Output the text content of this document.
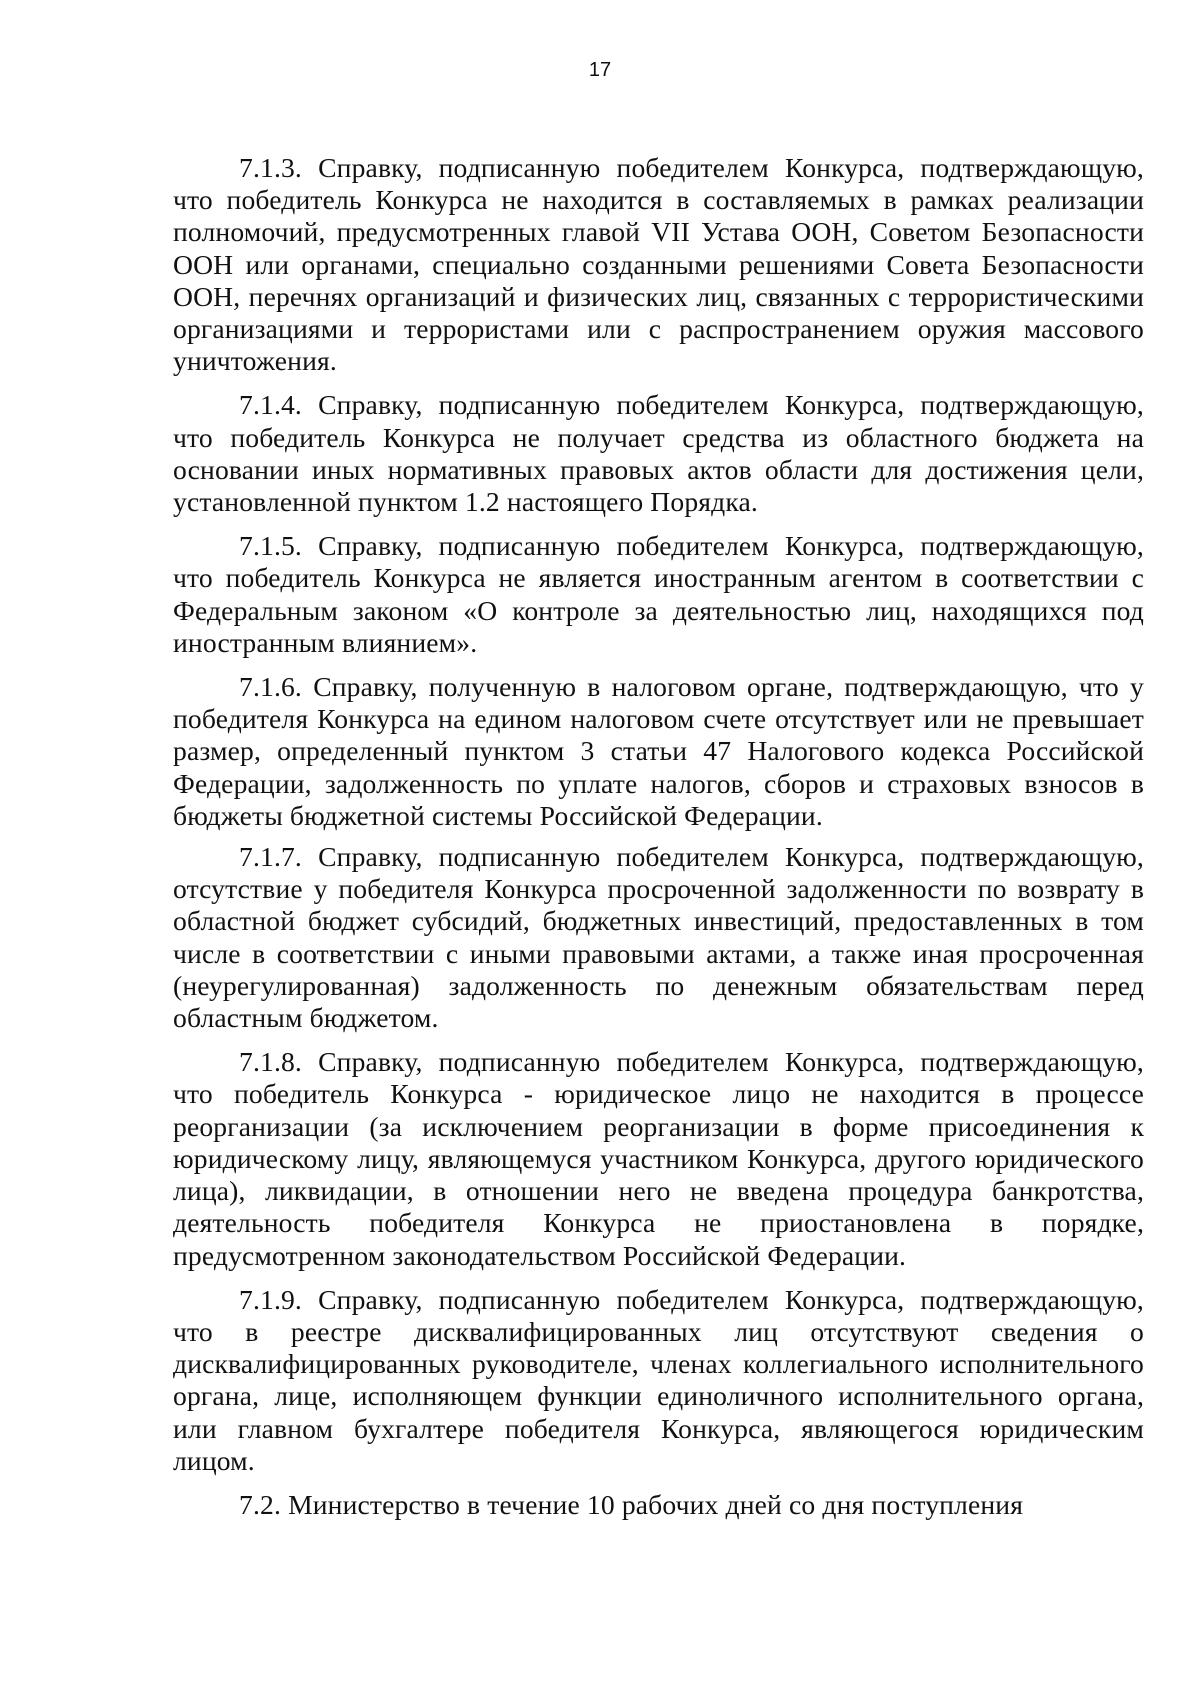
17

7.1.3. Справку, подписанную победителем Конкурса, подтверждающую, что победитель Конкурса не находится в составляемых в рамках реализации полномочий, предусмотренных главой VII Устава ООН, Советом Безопасности ООН или органами, специально созданными решениями Совета Безопасности ООН, перечнях организаций и физических лиц, связанных с террористическими организациями и террористами или с распространением оружия массового уничтожения.

7.1.4. Справку, подписанную победителем Конкурса, подтверждающую, что победитель Конкурса не получает средства из областного бюджета на основании иных нормативных правовых актов области для достижения цели, установленной пунктом 1.2 настоящего Порядка.

7.1.5. Справку, подписанную победителем Конкурса, подтверждающую, что победитель Конкурса не является иностранным агентом в соответствии с Федеральным законом «О контроле за деятельностью лиц, находящихся под иностранным влиянием».

7.1.6. Справку, полученную в налоговом органе, подтверждающую, что у победителя Конкурса на едином налоговом счете отсутствует или не превышает размер, определенный пунктом 3 статьи 47 Налогового кодекса Российской Федерации, задолженность по уплате налогов, сборов и страховых взносов в бюджеты бюджетной системы Российской Федерации.

7.1.7. Справку, подписанную победителем Конкурса, подтверждающую, отсутствие у победителя Конкурса просроченной задолженности по возврату в областной бюджет субсидий, бюджетных инвестиций, предоставленных в том числе в соответствии с иными правовыми актами, а также иная просроченная (неурегулированная) задолженность по денежным обязательствам перед областным бюджетом.

7.1.8. Справку, подписанную победителем Конкурса, подтверждающую, что победитель Конкурса - юридическое лицо не находится в процессе реорганизации (за исключением реорганизации в форме присоединения к юридическому лицу, являющемуся участником Конкурса, другого юридического лица), ликвидации, в отношении него не введена процедура банкротства, деятельность победителя Конкурса не приостановлена в порядке, предусмотренном законодательством Российской Федерации.

7.1.9. Справку, подписанную победителем Конкурса, подтверждающую, что в реестре дисквалифицированных лиц отсутствуют сведения о дисквалифицированных руководителе, членах коллегиального исполнительного органа, лице, исполняющем функции единоличного исполнительного органа, или главном бухгалтере победителя Конкурса, являющегося юридическим лицом.

7.2. Министерство в течение 10 рабочих дней со дня поступления
